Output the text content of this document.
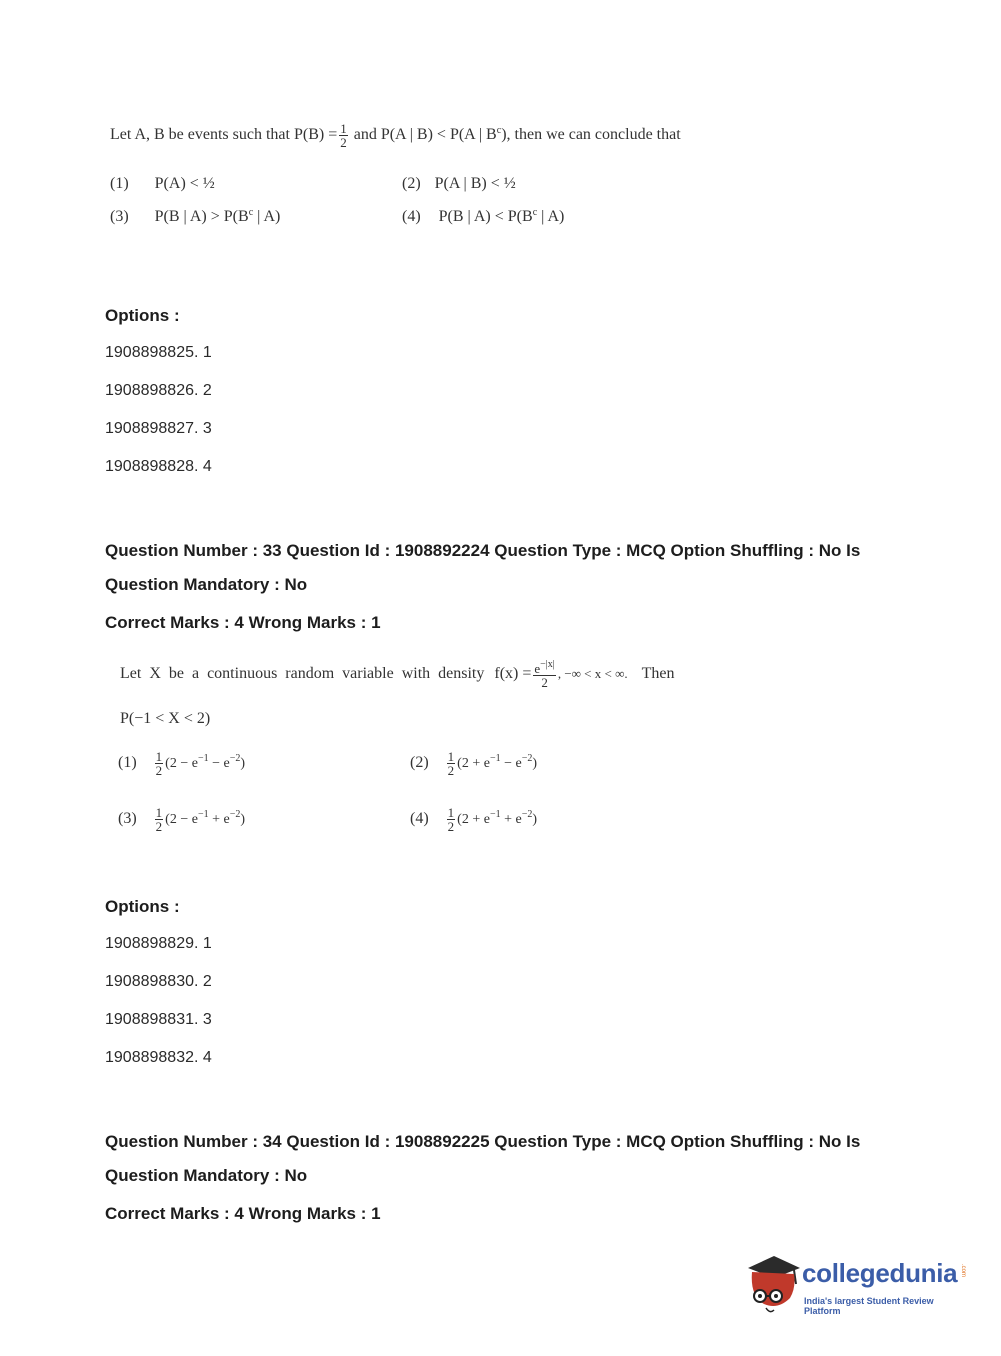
Let A, B be events such that $P(B) = \frac{1}{2}$ and P(A | B) < P(A | $B^c$), then we can conclude that
(1) P(A) < ½	(2) P(A | B) < ½
(3) P(B | $A) > P(B^c$ | A)	(4) P(B | $A) < P(B^c$ | A)
Options :
1908898825. 1
1908898826. 2
1908898827. 3
1908898828. 4
Question Number : 33 Question Id : 1908892224 Question Type : MCQ Option Shuffling : No Is
Question Mandatory : No
Correct Marks : 4 Wrong Marks : 1
Let  X  be  a  continuous  random  variable  with  density $f(x) = \frac{e^{-|x|}}{2}$ , −∞ < x < ∞. Then
P(−1 < X < 2)
$(1) \frac{1}{2} (2 - e^{-1} - e^{-2})$	$(2) \frac{1}{2} (2 + e^{-1} - e^{-2})$
$(3) \frac{1}{2} (2 - e^{-1} + e^{-2})$	$(4) \frac{1}{2} (2 + e^{-1} + e^{-2})$
Options :
1908898829. 1
1908898830. 2
1908898831. 3
1908898832. 4
Question Number : 34 Question Id : 1908892225 Question Type : MCQ Option Shuffling : No Is
Question Mandatory : No
Correct Marks : 4 Wrong Marks : 1
collegedunia .com
India's largest Student Review Platform
